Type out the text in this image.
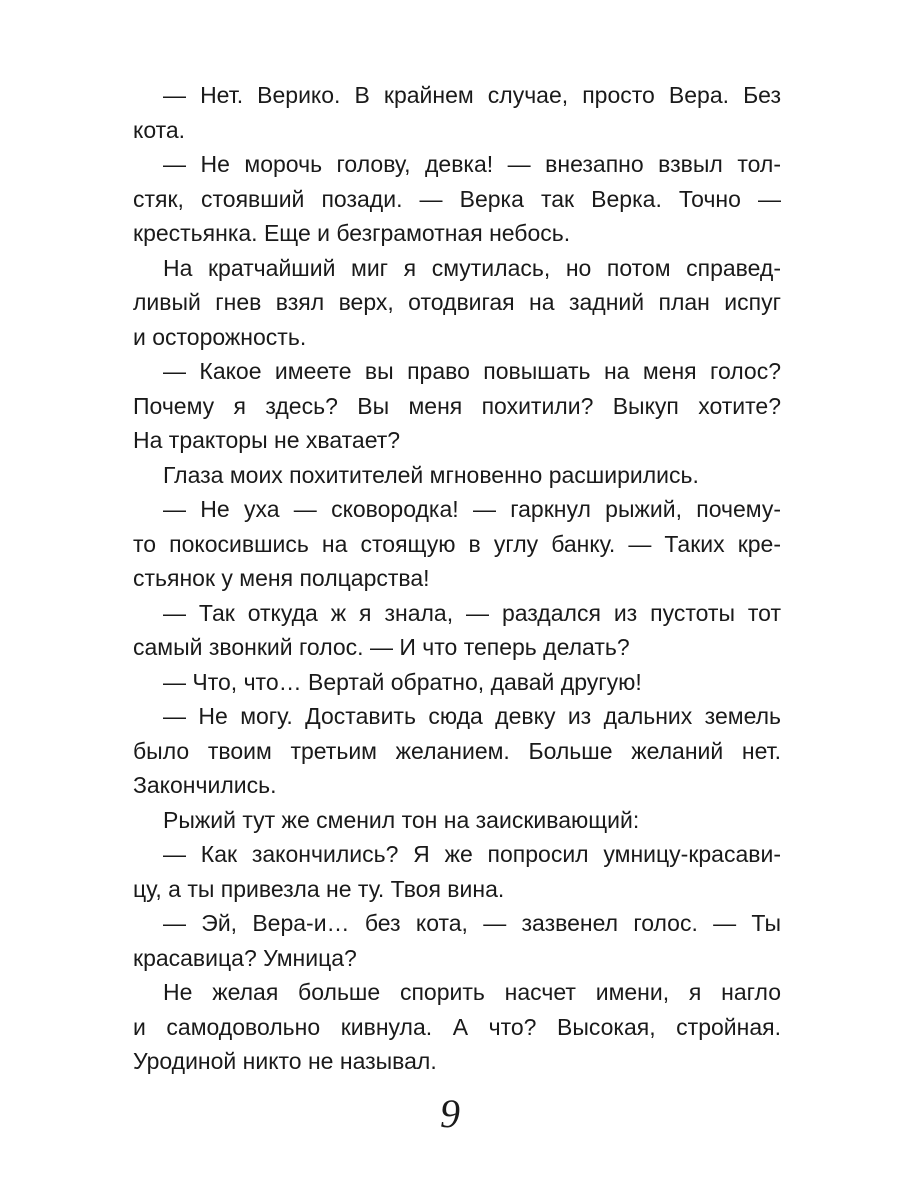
— Нет. Верико. В крайнем случае, просто Вера. Без
кота.
— Не морочь голову, девка! — внезапно взвыл тол-
стяк, стоявший позади. — Верка так Верка. Точно —
крестьянка. Еще и безграмотная небось.
На кратчайший миг я смутилась, но потом справед-
ливый гнев взял верх, отодвигая на задний план испуг
и осторожность.
— Какое имеете вы право повышать на меня голос?
Почему я здесь? Вы меня похитили? Выкуп хотите?
На тракторы не хватает?
Глаза моих похитителей мгновенно расширились.
— Не уха — сковородка! — гаркнул рыжий, почему-
то покосившись на стоящую в углу банку. — Таких кре-
стьянок у меня полцарства!
— Так откуда ж я знала, — раздался из пустоты тот
самый звонкий голос. — И что теперь делать?
— Что, что… Вертай обратно, давай другую!
— Не могу. Доставить сюда девку из дальних земель
было твоим третьим желанием. Больше желаний нет.
Закончились.
Рыжий тут же сменил тон на заискивающий:
— Как закончились? Я же попросил умницу-красави-
цу, а ты привезла не ту. Твоя вина.
— Эй, Вера-и… без кота, — зазвенел голос. — Ты
красавица? Умница?
Не желая больше спорить насчет имени, я нагло
и самодовольно кивнула. А что? Высокая, стройная.
Уродиной никто не называл.
9
